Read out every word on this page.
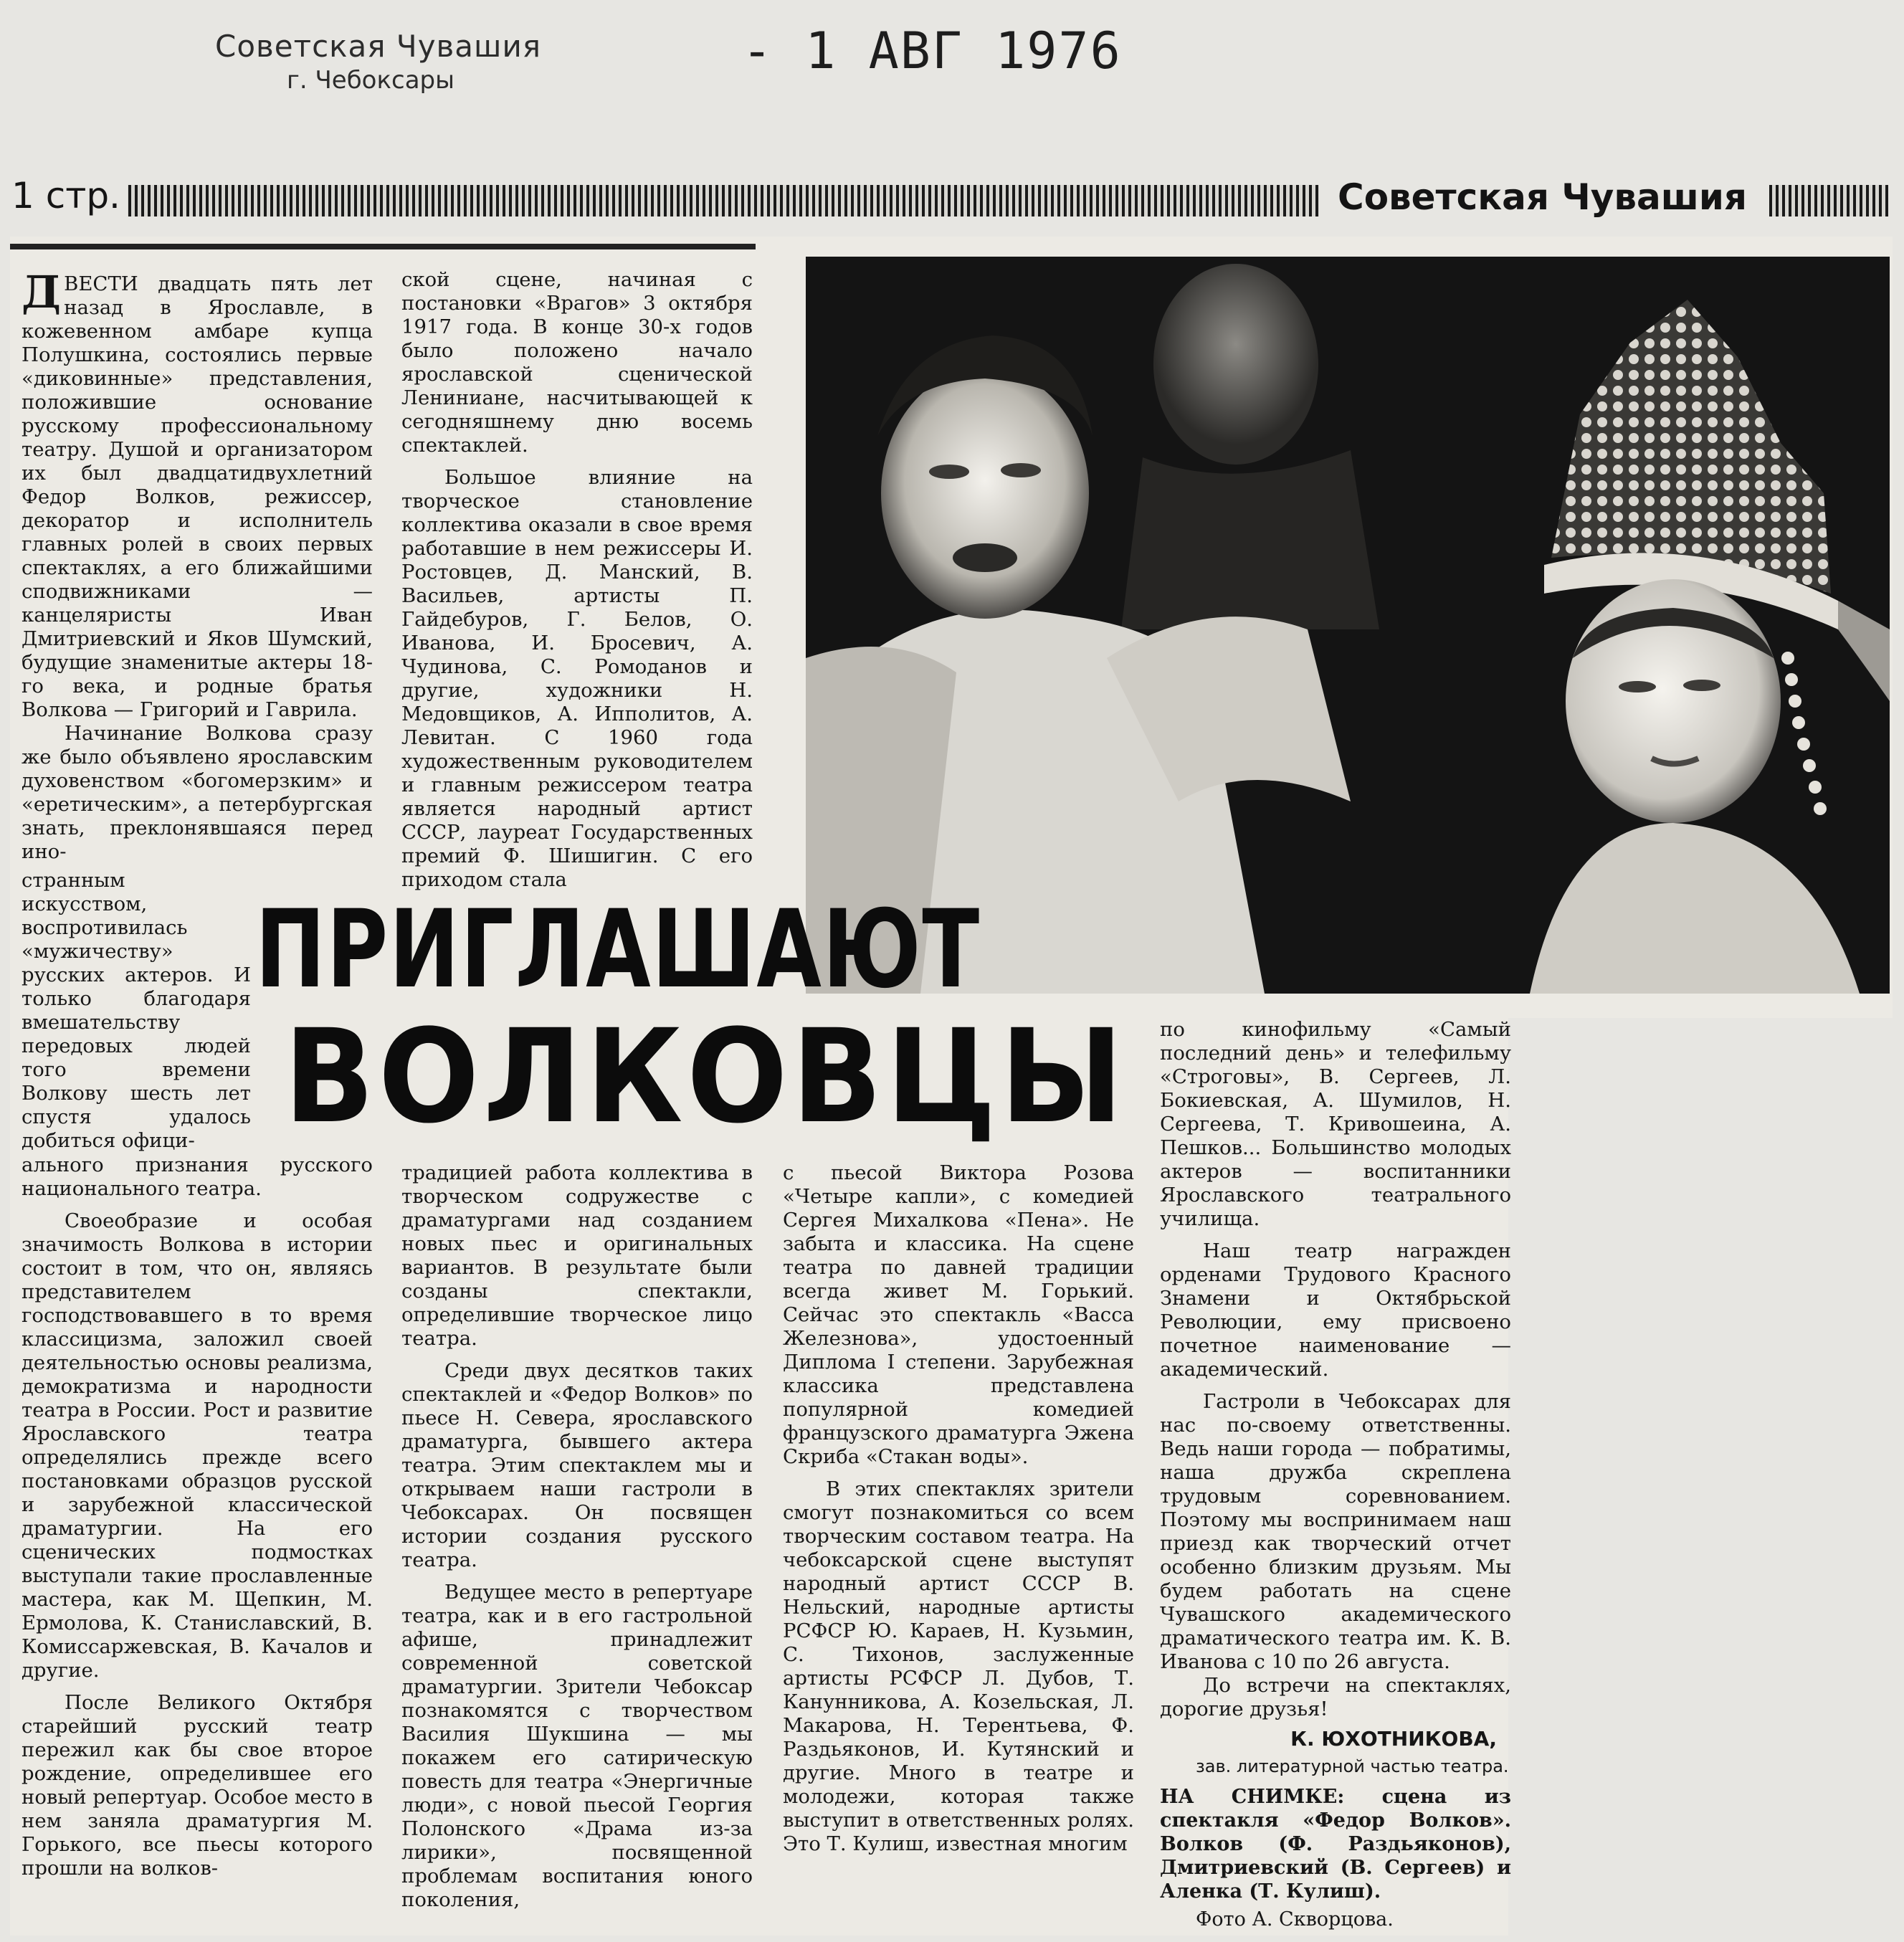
Советская Чувашия
г. Чебоксары	- 1 АВГ 1976
1 стр.	Советская Чувашия
ПРИГЛАШАЮТ
ВОЛКОВЦЫ

ДВЕСТИ двадцать пять лет назад в Ярославле, в кожевенном амбаре купца Полушкина, состоялись первые «диковинные» представления, положившие основание русскому профессиональному театру. Душой и организатором их был двадцатидвухлетний Федор Волков, режиссер, декоратор и исполнитель главных ролей в своих первых спектаклях, а его ближайшими сподвижниками — канцеляристы Иван Дмитриевский и Яков Шумский, будущие знаменитые актеры 18-го века, и родные братья Волкова — Григорий и Гаврила.

Начинание Волкова сразу же было объявлено ярославским духовенством «богомерзким» и «еретическим», а петербургская знать, преклонявшаяся перед ино-

странным искусством, воспротивилась «мужичеству» русских актеров. И только благодаря вмешательству передовых людей того времени Волкову шесть лет спустя удалось добиться офици-

ального признания русского национального театра.

Своеобразие и особая значимость Волкова в истории состоит в том, что он, являясь представителем господствовавшего в то время классицизма, заложил своей деятельностью основы реализма, демократизма и народности театра в России. Рост и развитие Ярославского театра определялись прежде всего постановками образцов русской и зарубежной классической драматургии. На его сценических подмостках выступали такие прославленные мастера, как М. Щепкин, М. Ермолова, К. Станиславский, В. Комиссаржевская, В. Качалов и другие.

После Великого Октября старейший русский театр пережил как бы свое второе рождение, определившее его новый репертуар. Особое место в нем заняла драматургия М. Горького, все пьесы которого прошли на волков-

ской сцене, начиная с постановки «Врагов» 3 октября 1917 года. В конце 30-х годов было положено начало ярославской сценической Лениниане, насчитывающей к сегодняшнему дню восемь спектаклей.

Большое влияние на творческое становление коллектива оказали в свое время работавшие в нем режиссеры И. Ростовцев, Д. Манский, В. Васильев, артисты П. Гайдебуров, Г. Белов, О. Иванова, И. Бросевич, А. Чудинова, С. Ромоданов и другие, художники Н. Медовщиков, А. Ипполитов, А. Левитан. С 1960 года художественным руководителем и главным режиссером театра является народный артист СССР, лауреат Государственных премий Ф. Шишигин. С его приходом стала

традицией работа коллектива в творческом содружестве с драматургами над созданием новых пьес и оригинальных вариантов. В результате были созданы спектакли, определившие творческое лицо театра.

Среди двух десятков таких спектаклей и «Федор Волков» по пьесе Н. Севера, ярославского драматурга, бывшего актера театра. Этим спектаклем мы и открываем наши гастроли в Чебоксарах. Он посвящен истории создания русского театра.

Ведущее место в репертуаре театра, как и в его гастрольной афише, принадлежит современной советской драматургии. Зрители Чебоксар познакомятся с творчеством Василия Шукшина — мы покажем его сатирическую повесть для театра «Энергичные люди», с новой пьесой Георгия Полонского «Драма из-за лирики», посвященной проблемам воспитания юного поколения,

с пьесой Виктора Розова «Четыре капли», с комедией Сергея Михалкова «Пена». Не забыта и классика. На сцене театра по давней традиции всегда живет М. Горький. Сейчас это спектакль «Васса Железнова», удостоенный Диплома I степени. Зарубежная классика представлена популярной комедией французского драматурга Эжена Скриба «Стакан воды».

В этих спектаклях зрители смогут познакомиться со всем творческим составом театра. На чебоксарской сцене выступят народный артист СССР В. Нельский, народные артисты РСФСР Ю. Караев, Н. Кузьмин, С. Тихонов, заслуженные артисты РСФСР Л. Дубов, Т. Канунникова, А. Козельская, Л. Макарова, Н. Терентьева, Ф. Раздьяконов, И. Кутянский и другие. Много в театре и молодежи, которая также выступит в ответственных ролях. Это Т. Кулиш, известная многим

по кинофильму «Самый последний день» и телефильму «Строговы», В. Сергеев, Л. Бокиевская, А. Шумилов, Н. Сергеева, Т. Кривошеина, А. Пешков... Большинство молодых актеров — воспитанники Ярославского театрального училища.

Наш театр награжден орденами Трудового Красного Знамени и Октябрьской Революции, ему присвоено почетное наименование — академический.

Гастроли в Чебоксарах для нас по-своему ответственны. Ведь наши города — побратимы, наша дружба скреплена трудовым соревнованием. Поэтому мы воспринимаем наш приезд как творческий отчет особенно близким друзьям. Мы будем работать на сцене Чувашского академического драматического театра им. К. В. Иванова с 10 по 26 августа.

До встречи на спектаклях, дорогие друзья!

К. ЮХОТНИКОВА,
зав. литературной частью театра.
НА СНИМКЕ: сцена из спектакля «Федор Волков». Волков (Ф. Раздьяконов), Дмитриевский (В. Сергеев) и Аленка (Т. Кулиш).
Фото А. Скворцова.
